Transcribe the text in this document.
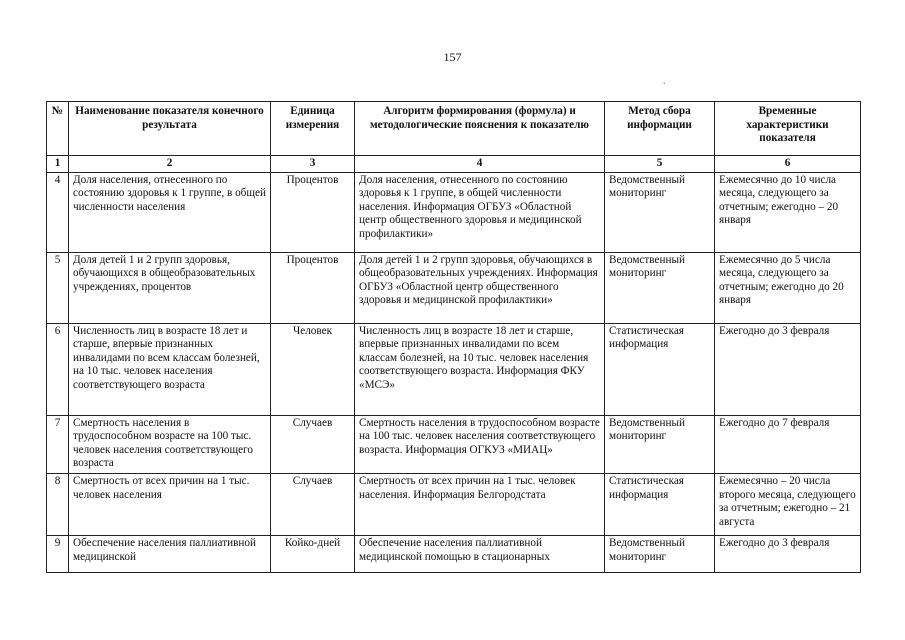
157
.
№	Наименование показателя конечного результата	Единица измерения	Алгоритм формирования (формула) и методологические пояснения к показателю	Метод сбора информации	Временные характеристики показателя
1	2	3	4	5	6
4	Доля населения, отнесенного по состоянию здоровья к 1 группе, в общей численности населения	Процентов	Доля населения, отнесенного по состоянию здоровья к 1 группе, в общей численности населения. Информация ОГБУЗ «Областной центр общественного здоровья и медицинской профилактики»	Ведомственный мониторинг	Ежемесячно до 10 числа месяца, следующего за отчетным; ежегодно – 20 января
5	Доля детей 1 и 2 групп здоровья, обучающихся в общеобразовательных учреждениях, процентов	Процентов	Доля детей 1 и 2 групп здоровья, обучающихся в общеобразовательных учреждениях. Информация ОГБУЗ «Областной центр общественного здоровья и медицинской профилактики»	Ведомственный мониторинг	Ежемесячно до 5 числа месяца, следующего за отчетным; ежегодно до 20 января
6	Численность лиц в возрасте 18 лет и старше, впервые признанных инвалидами по всем классам болезней, на 10 тыс. человек населения соответствующего возраста	Человек	Численность лиц в возрасте 18 лет и старше, впервые признанных инвалидами по всем классам болезней, на 10 тыс. человек населения соответствующего возраста. Информация ФКУ «МСЭ»	Статистическая информация	Ежегодно до 3 февраля
7	Смертность населения в трудоспособном возрасте на 100 тыс. человек населения соответствующего возраста	Случаев	Смертность населения в трудоспособном возрасте на 100 тыс. человек населения соответствующего возраста. Информация ОГКУЗ «МИАЦ»	Ведомственный мониторинг	Ежегодно до 7 февраля
8	Смертность от всех причин на 1 тыс. человек населения	Случаев	Смертность от всех причин на 1 тыс. человек населения. Информация Белгородстата	Статистическая информация	Ежемесячно – 20 числа второго месяца, следующего за отчетным; ежегодно – 21 августа
9	Обеспечение населения паллиативной медицинской	Койко-дней	Обеспечение населения паллиативной медицинской помощью в стационарных	Ведомственный мониторинг	Ежегодно до 3 февраля
